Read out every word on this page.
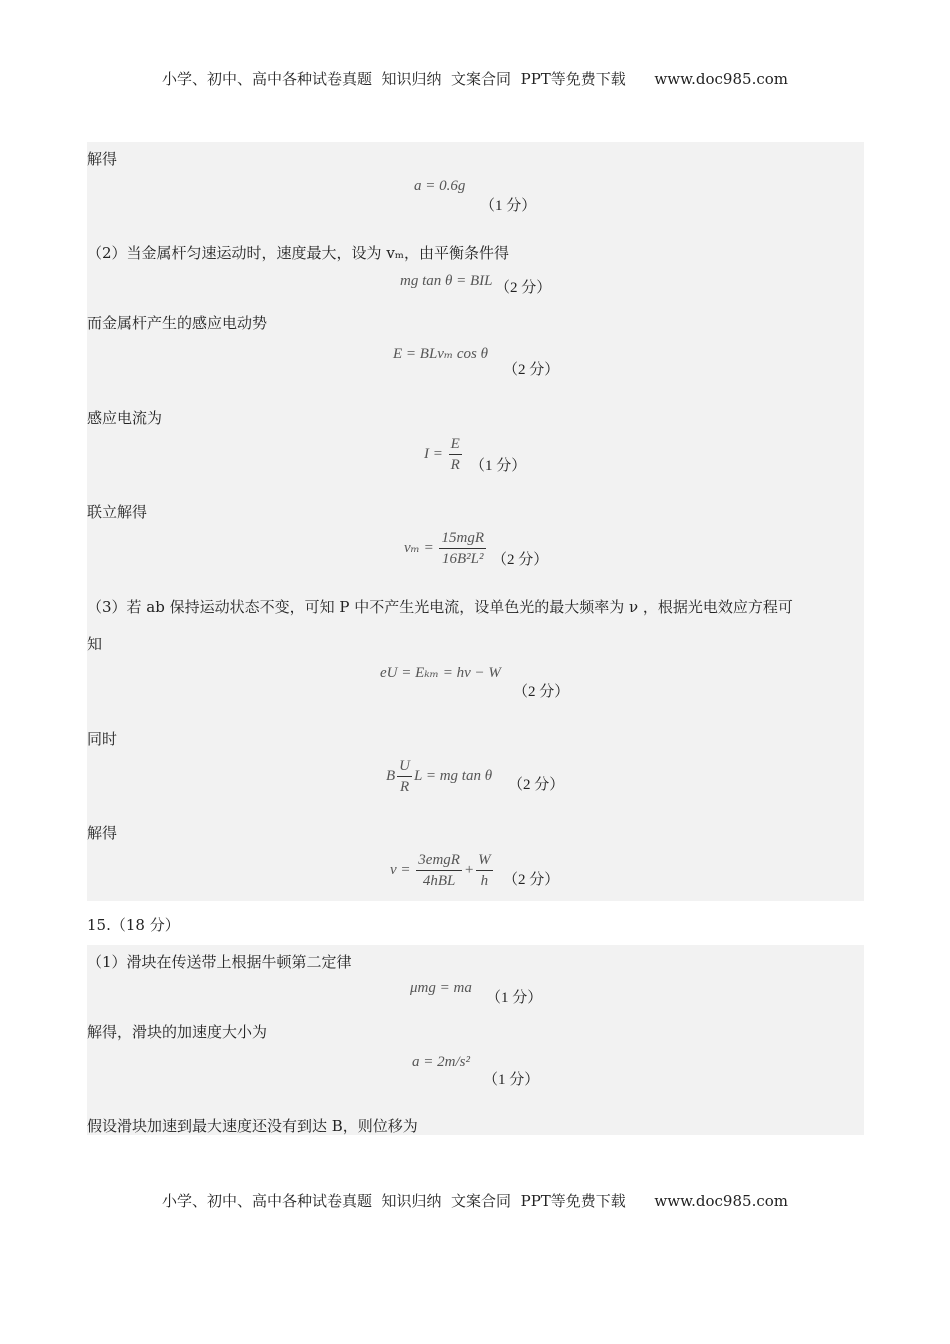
小学、初中、高中各种试卷真题  知识归纳  文案合同  PPT等免费下载      www.doc985.com
解得
a = 0.6g
（1 分）
（2）当金属杆匀速运动时，速度最大，设为 vₘ，由平衡条件得
mg tan θ = BIL （2 分）
而金属杆产生的感应电动势
E = BLvₘ cos θ
（2 分）
感应电流为
$I = \frac{E}{R} (1$ 分）
联立解得
$v_m = \frac{\text{15mgR}}{\text{16B²L²}} (2$ 分）
（3）若 ab 保持运动状态不变，可知 P 中不产生光电流，设单色光的最大频率为 ν ，根据光电效应方程可
知
eU = Eₖₘ = hν − W
（2 分）
同时
B $\frac{U}{R}$ L = mg tan θ
（2 分）
解得
$\nu = \frac{\text{3emgR}}{\text{4hBL}} + \frac{W}{h} (2$ 分）
15.（18 分）
（1）滑块在传送带上根据牛顿第二定律
μmg = ma
（1 分）
解得，滑块的加速度大小为
a = 2m/s²
（1 分）
假设滑块加速到最大速度还没有到达 B，则位移为
小学、初中、高中各种试卷真题  知识归纳  文案合同  PPT等免费下载      www.doc985.com
